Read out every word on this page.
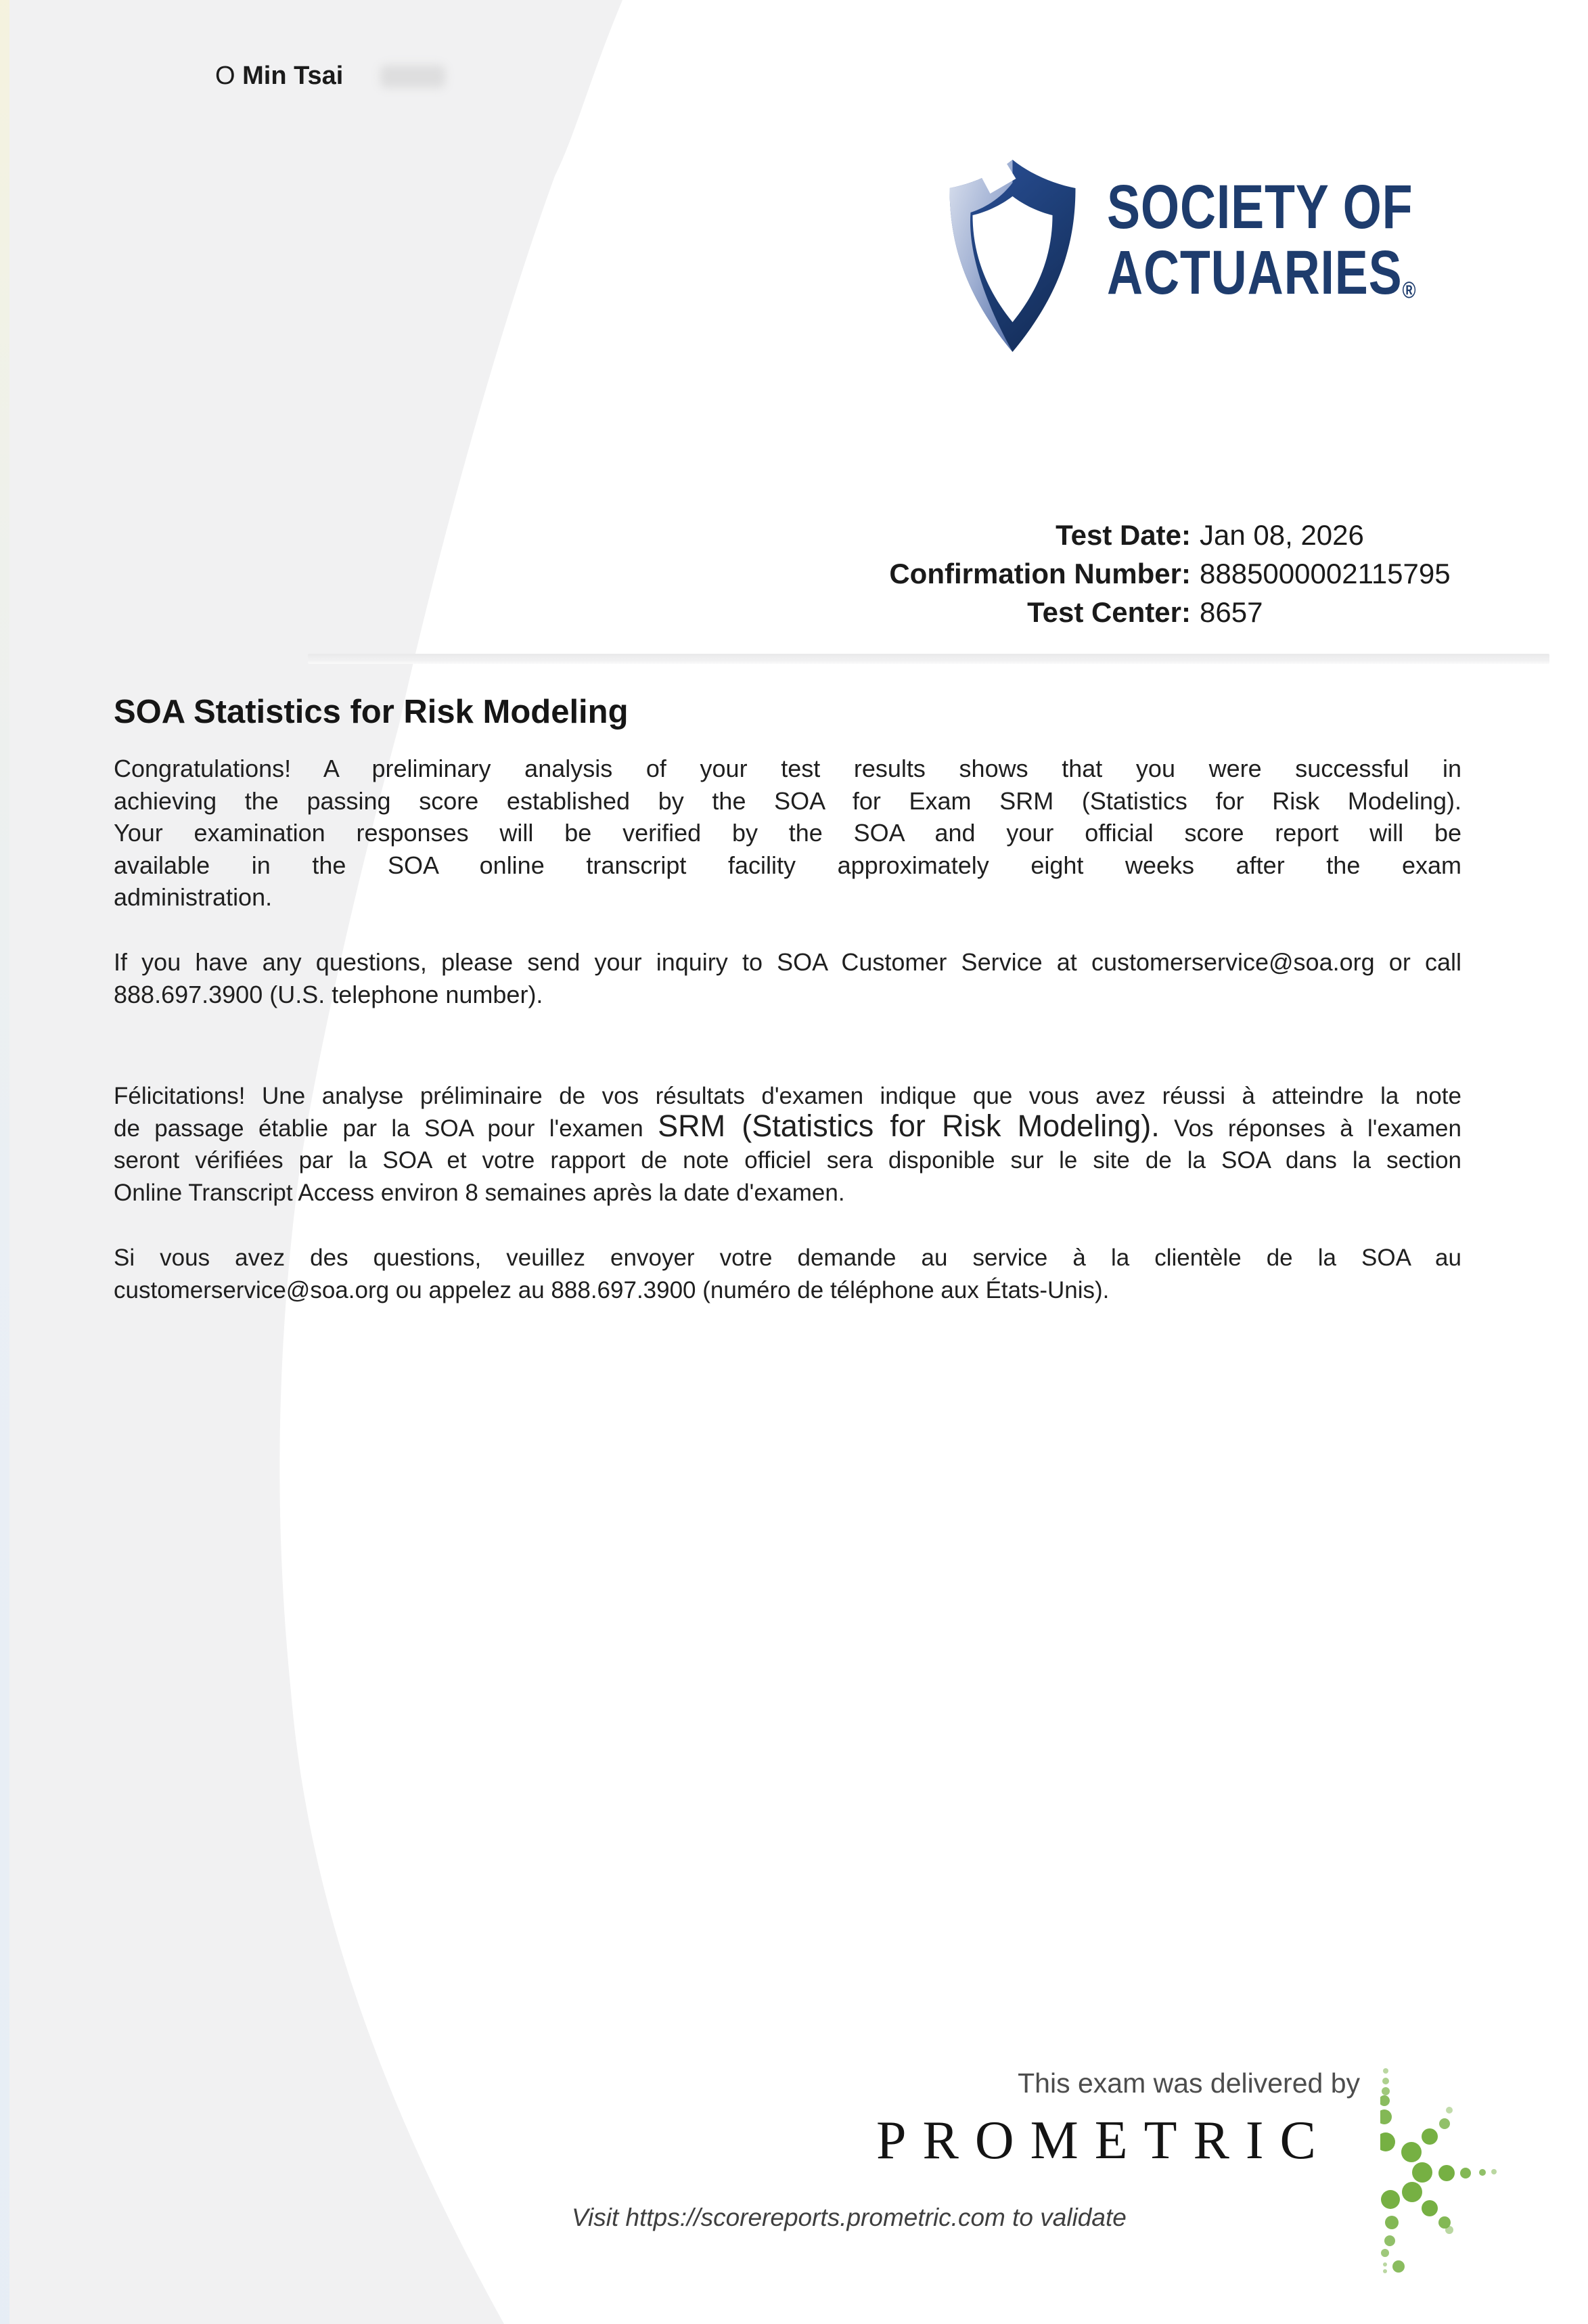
O Min Tsai
SOCIETY OF
ACTUARIES®
Test Date: Jan 08, 2026
Confirmation Number: 8885000002115795
Test Center: 8657
SOA Statistics for Risk Modeling
Congratulations! A preliminary analysis of your test results shows that you were successful in
achieving the passing score established by the SOA for Exam SRM (Statistics for Risk Modeling).
Your examination responses will be verified by the SOA and your official score report will be
available in the SOA online transcript facility approximately eight weeks after the exam
administration.
If you have any questions, please send your inquiry to SOA Customer Service at customerservice@soa.org or call
888.697.3900 (U.S. telephone number).
Félicitations! Une analyse préliminaire de vos résultats d'examen indique que vous avez réussi à atteindre la note
de passage établie par la SOA pour l'examen SRM (Statistics for Risk Modeling). Vos réponses à l'examen
seront vérifiées par la SOA et votre rapport de note officiel sera disponible sur le site de la SOA dans la section
Online Transcript Access environ 8 semaines après la date d'examen.
Si vous avez des questions, veuillez envoyer votre demande au service à la clientèle de la SOA au
customerservice@soa.org ou appelez au 888.697.3900 (numéro de téléphone aux États-Unis).
This exam was delivered by
PROMETRIC
Visit https://scorereports.prometric.com to validate
